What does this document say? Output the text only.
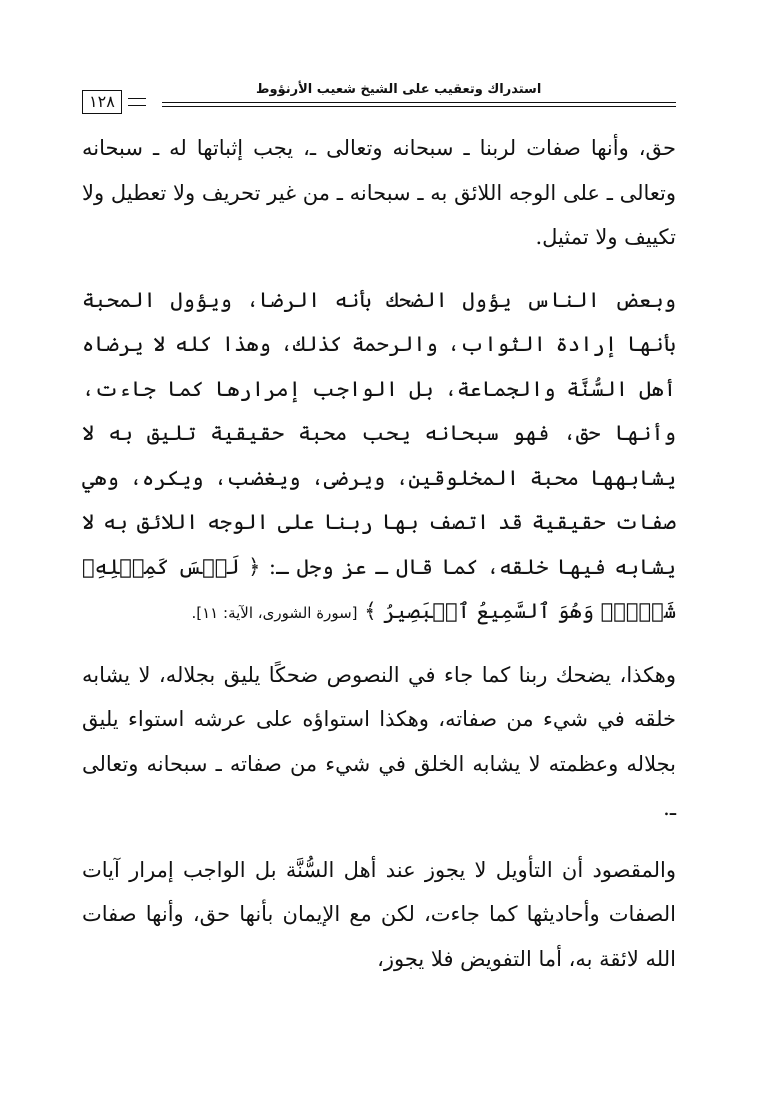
استدراك وتعقيب على الشيخ شعيب الأرنؤوط
١٢٨

حق، وأنها صفات لربنا ـ سبحانه وتعالى ـ، يجب إثباتها له ـ سبحانه وتعالى ـ على الوجه اللائق به ـ سبحانه ـ من غير تحريف ولا تعطيل ولا تكييف ولا تمثيل.

وبعض الناس يؤول الضحك بأنه الرضا، ويؤول المحبة بأنها إرادة الثواب، والرحمة كذلك، وهذا كله لا يرضاه أهل السُّنَّة والجماعة، بل الواجب إمرارها كما جاءت، وأنها حق، فهو سبحانه يحب محبة حقيقية تليق به لا يشابهها محبة المخلوقين، ويرضى، ويغضب، ويكره، وهي صفات حقيقية قد اتصف بها ربنا على الوجه اللائق به لا يشابه فيها خلقه، كما قال ـ عز وجل ـ: ﴿ لَيۡسَ كَمِثۡلِهِۦ شَيۡءٞۖ وَهُوَ ٱلسَّمِيعُ ٱلۡبَصِيرُ ﴾ [سورة الشورى، الآية: ١١].

وهكذا، يضحك ربنا كما جاء في النصوص ضحكًا يليق بجلاله، لا يشابه خلقه في شيء من صفاته، وهكذا استواؤه على عرشه استواء يليق بجلاله وعظمته لا يشابه الخلق في شيء من صفاته ـ سبحانه وتعالى ـ.

والمقصود أن التأويل لا يجوز عند أهل السُّنَّة بل الواجب إمرار آيات الصفات وأحاديثها كما جاءت، لكن مع الإيمان بأنها حق، وأنها صفات الله لائقة به، أما التفويض فلا يجوز،
